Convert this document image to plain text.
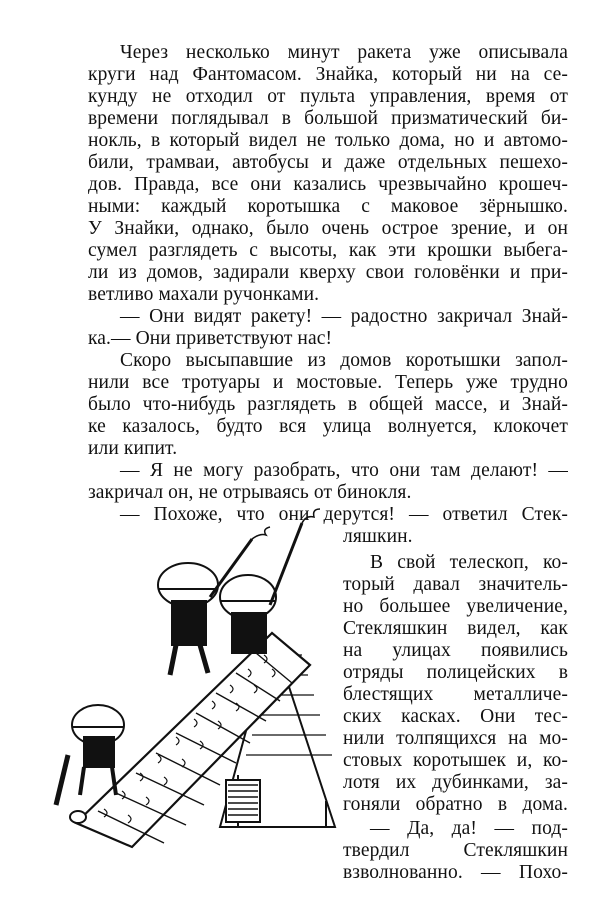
Через несколько минут ракета уже описывала
круги над Фантомасом. Знайка, который ни на се-
кунду не отходил от пульта управления, время от
времени поглядывал в большой призматический би-
нокль, в который видел не только дома, но и автомо-
били, трамваи, автобусы и даже отдельных пешехо-
дов. Правда, все они казались чрезвычайно крошеч-
ными: каждый коротышка с маковое зёрнышко.
У Знайки, однако, было очень острое зрение, и он
сумел разглядеть с высоты, как эти крошки выбега-
ли из домов, задирали кверху свои головёнки и при-
ветливо махали ручонками.
— Они видят ракету! — радостно закричал Знай-
ка.— Они приветствуют нас!
Скоро высыпавшие из домов коротышки запол-
нили все тротуары и мостовые. Теперь уже трудно
было что-нибудь разглядеть в общей массе, и Знай-
ке казалось, будто вся улица волнуется, клокочет
или кипит.
— Я не могу разобрать, что они там делают! —
закричал он, не отрываясь от бинокля.
— Похоже, что они дерутся! — ответил Стек-
ляшкин.
В свой телескоп, ко-
торый давал значитель-
но большее увеличение,
Стекляшкин видел, как
на улицах появились
отряды полицейских в
блестящих металличе-
ских касках. Они тес-
нили толпящихся на мо-
стовых коротышек и, ко-
лотя их дубинками, за-
гоняли обратно в дома.
— Да, да! — под-
твердил Стекляшкин
взволнованно. — Похо-
